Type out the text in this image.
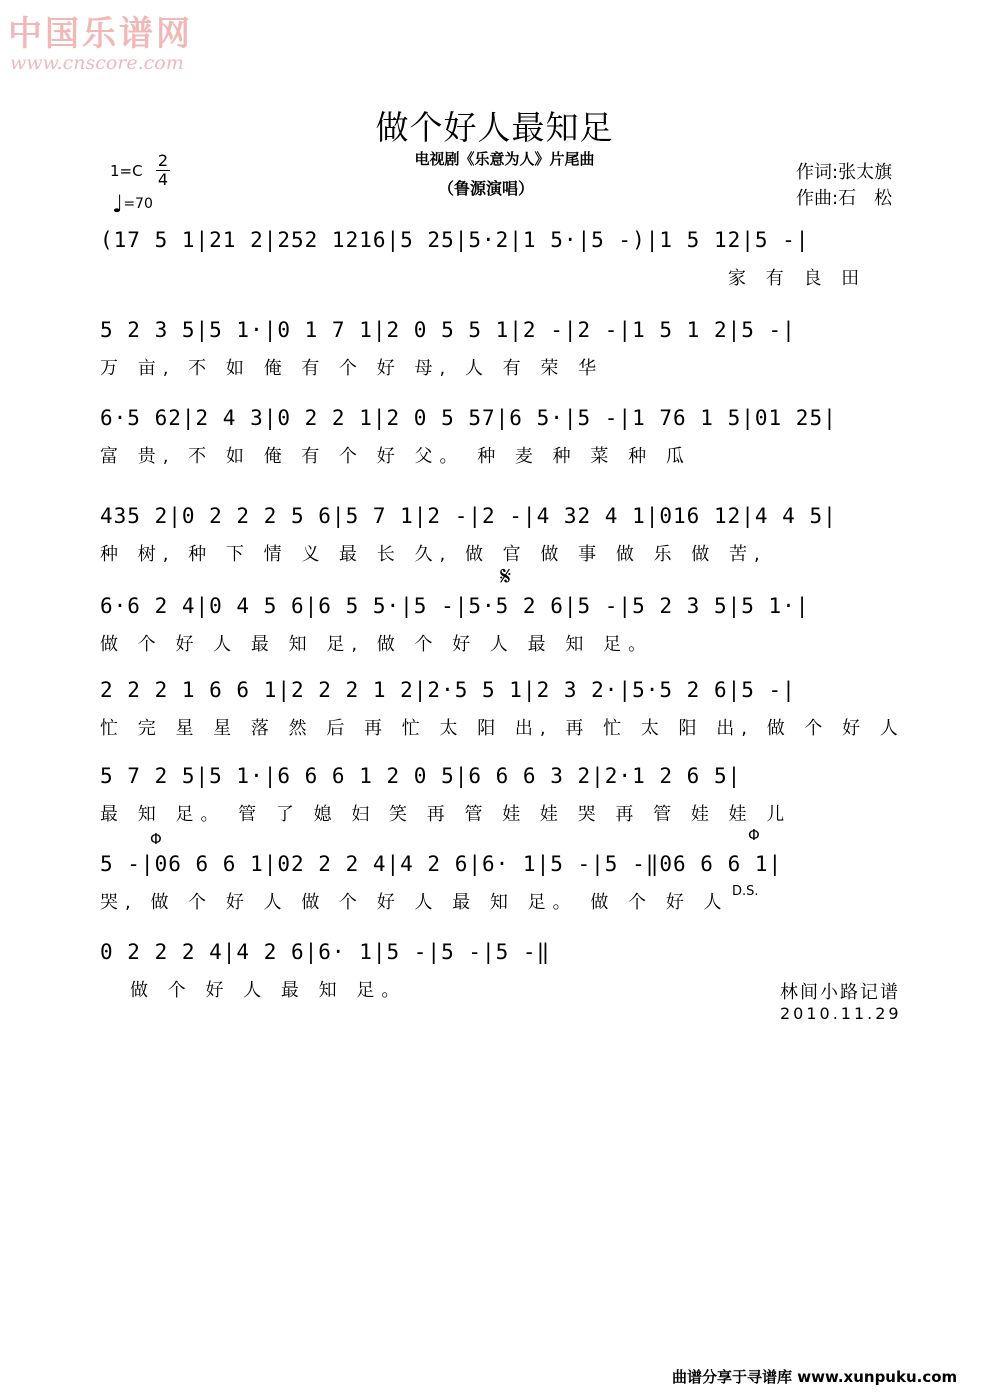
中国乐谱网
www.cnscore.com
做个好人最知足
电视剧《乐意为人》片尾曲
（鲁源演唱）
作词:张太旗
作曲:石　松
$1=C \frac{2}{4}$
♩=70
(17 5 1|21 2|252 1216|5 25|5·2|1 5·|5 -)|1 5 12|5 -|
家 有 良 田
5 2 3 5|5 1·|0 1 7 1|2 0 5 5 1|2 -|2 -|1 5 1 2|5 -|
万 亩, 不 如 俺 有 个 好 母, 人 有 荣 华
6·5 62|2 4 3|0 2 2 1|2 0 5 57|6 5·|5 -|1 76 1 5|01 25|
富 贵, 不 如 俺 有 个 好 父。 种 麦 种 菜 种 瓜
435 2|0 2 2 2 5 6|5 7 1|2 -|2 -|4 32 4 1|016 12|4 4 5|
种 树, 种 下 情 义 最 长 久, 做 官 做 事 做 乐 做 苦,
𝄋
6·6 2 4|0 4 5 6|6 5 5·|5 -|5·5 2 6|5 -|5 2 3 5|5 1·|
做 个 好 人 最 知 足, 做 个 好 人 最 知 足。
2 2 2 1 6 6 1|2 2 2 1 2|2·5 5 1|2 3 2·|5·5 2 6|5 -|
忙 完 星 星 落 然 后 再 忙 太 阳 出, 再 忙 太 阳 出, 做 个 好 人
5 7 2 5|5 1·|6 6 6 1 2 0 5|6 6 6 3 2|2·1 2 6 5|
最 知 足。 管 了 媳 妇 笑 再 管 娃 娃 哭 再 管 娃 娃 儿
Φ	Φ
5 -|06 6 6 1|02 2 2 4|4 2 6|6· 1|5 -|5 -‖06 6 6 1|
哭, 做 个 好 人 做 个 好 人 最 知 足。 做 个 好 人
D.S.
0 2 2 2 4|4 2 6|6· 1|5 -|5 -|5 -‖
做 个 好 人 最 知 足。	林间小路记谱
2010.11.29
曲谱分享于寻谱库 www.xunpuku.com
